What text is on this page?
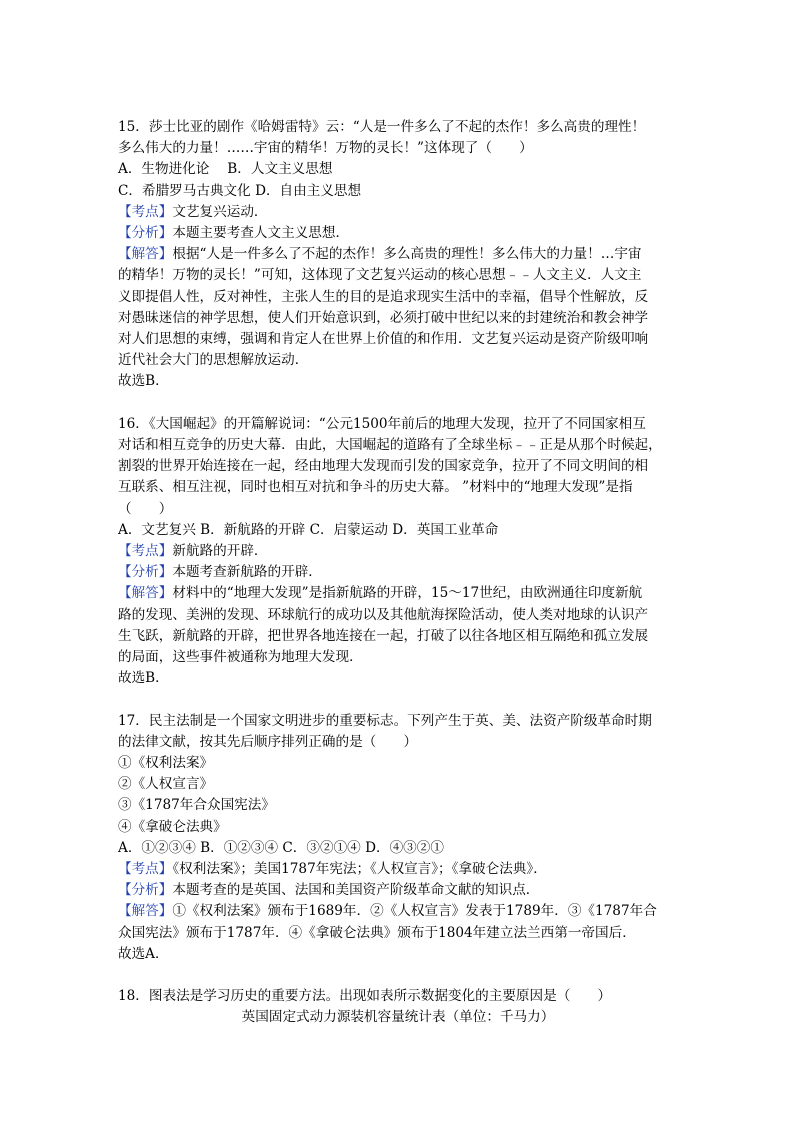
15．莎士比亚的剧作《哈姆雷特》云：“人是一件多么了不起的杰作！多么高贵的理性！
多么伟大的力量！……宇宙的精华！万物的灵长！”这体现了（　　）
A．生物进化论　 B．人文主义思想
C．希腊罗马古典文化 D．自由主义思想
【考点】文艺复兴运动．
【分析】本题主要考查人文主义思想．
【解答】根据“人是一件多么了不起的杰作！多么高贵的理性！多么伟大的力量！…宇宙
的精华！万物的灵长！”可知，这体现了文艺复兴运动的核心思想﹣﹣人文主义．人文主
义即提倡人性，反对神性，主张人生的目的是追求现实生活中的幸福，倡导个性解放，反
对愚昧迷信的神学思想，使人们开始意识到，必须打破中世纪以来的封建统治和教会神学
对人们思想的束缚，强调和肯定人在世界上价值的和作用．文艺复兴运动是资产阶级叩响
近代社会大门的思想解放运动．
故选B．
16．《大国崛起》的开篇解说词：“公元1500年前后的地理大发现，拉开了不同国家相互
对话和相互竞争的历史大幕．由此，大国崛起的道路有了全球坐标﹣﹣正是从那个时候起，
割裂的世界开始连接在一起，经由地理大发现而引发的国家竞争，拉开了不同文明间的相
互联系、相互注视，同时也相互对抗和争斗的历史大幕。 ”材料中的“地理大发现”是指
（　　）
A．文艺复兴 B．新航路的开辟 C．启蒙运动 D．英国工业革命
【考点】新航路的开辟．
【分析】本题考查新航路的开辟．
【解答】材料中的“地理大发现”是指新航路的开辟，15～17世纪，由欧洲通往印度新航
路的发现、美洲的发现、环球航行的成功以及其他航海探险活动，使人类对地球的认识产
生飞跃，新航路的开辟，把世界各地连接在一起，打破了以往各地区相互隔绝和孤立发展
的局面，这些事件被通称为地理大发现．
故选B．
17．民主法制是一个国家文明进步的重要标志。下列产生于英、美、法资产阶级革命时期
的法律文献，按其先后顺序排列正确的是（　　）
①《权利法案》
②《人权宣言》
③《1787年合众国宪法》
④《拿破仑法典》
A．①②③④ B．①②③④ C．③②①④ D．④③②①
【考点】《权利法案》；美国1787年宪法；《人权宣言》；《拿破仑法典》．
【分析】本题考查的是英国、法国和美国资产阶级革命文献的知识点．
【解答】①《权利法案》颁布于1689年．②《人权宣言》发表于1789年．③《1787年合
众国宪法》颁布于1787年．④《拿破仑法典》颁布于1804年建立法兰西第一帝国后．
故选A．
18．图表法是学习历史的重要方法。出现如表所示数据变化的主要原因是（　　）
英国固定式动力源装机容量统计表（单位：千马力）
